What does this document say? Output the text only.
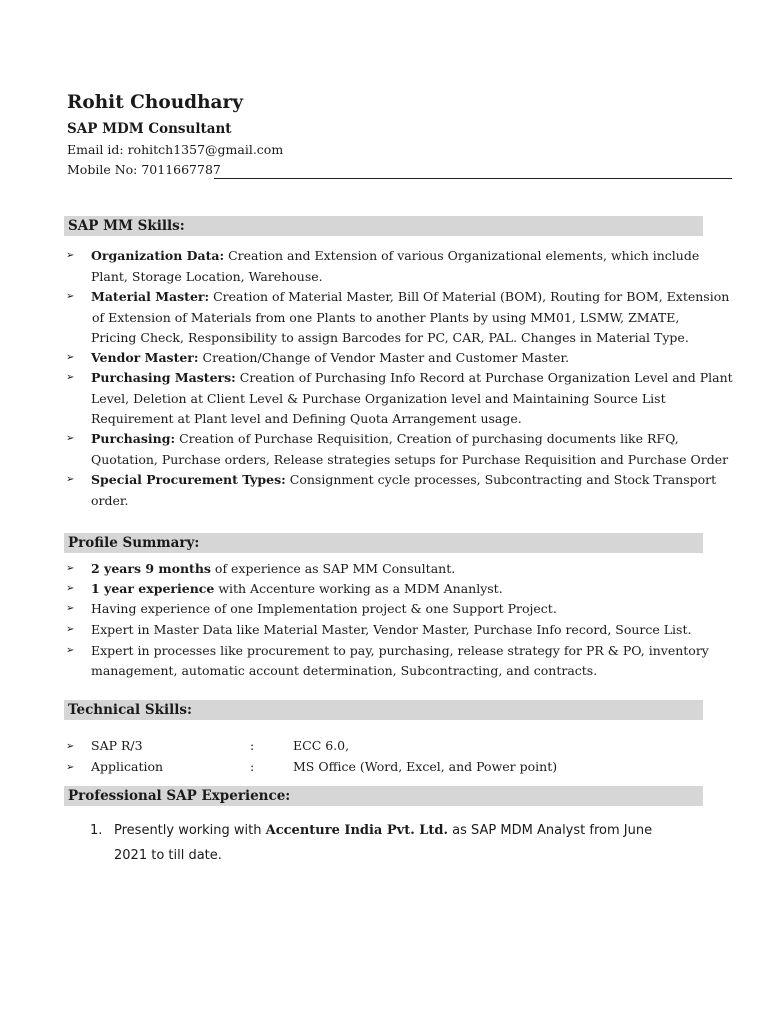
Rohit Choudhary
SAP MDM Consultant
Email id: rohitch1357@gmail.com
Mobile No: 7011667787
SAP MM Skills:
➢ Organization Data: Creation and Extension of various Organizational elements, which include
Plant, Storage Location, Warehouse.
➢ Material Master: Creation of Material Master, Bill Of Material (BOM), Routing for BOM, Extension
of Extension of Materials from one Plants to another Plants by using MM01, LSMW, ZMATE,
Pricing Check, Responsibility to assign Barcodes for PC, CAR, PAL. Changes in Material Type.
➢ Vendor Master: Creation/Change of Vendor Master and Customer Master.
➢ Purchasing Masters: Creation of Purchasing Info Record at Purchase Organization Level and Plant
Level, Deletion at Client Level & Purchase Organization level and Maintaining Source List
Requirement at Plant level and Defining Quota Arrangement usage.
➢ Purchasing: Creation of Purchase Requisition, Creation of purchasing documents like RFQ,
Quotation, Purchase orders, Release strategies setups for Purchase Requisition and Purchase Order
➢ Special Procurement Types: Consignment cycle processes, Subcontracting and Stock Transport
order.
Profile Summary:
➢ 2 years 9 months of experience as SAP MM Consultant.
➢ 1 year experience with Accenture working as a MDM Ananlyst.
➢ Having experience of one Implementation project & one Support Project.
➢ Expert in Master Data like Material Master, Vendor Master, Purchase Info record, Source List.
➢ Expert in processes like procurement to pay, purchasing, release strategy for PR & PO, inventory
management, automatic account determination, Subcontracting, and contracts.
Technical Skills:
➢ SAP R/3	:	ECC 6.0,
➢ Application	:	MS Office (Word, Excel, and Power point)
Professional SAP Experience:
1. Presently working with Accenture India Pvt. Ltd. as SAP MDM Analyst from June
2021 to till date.
